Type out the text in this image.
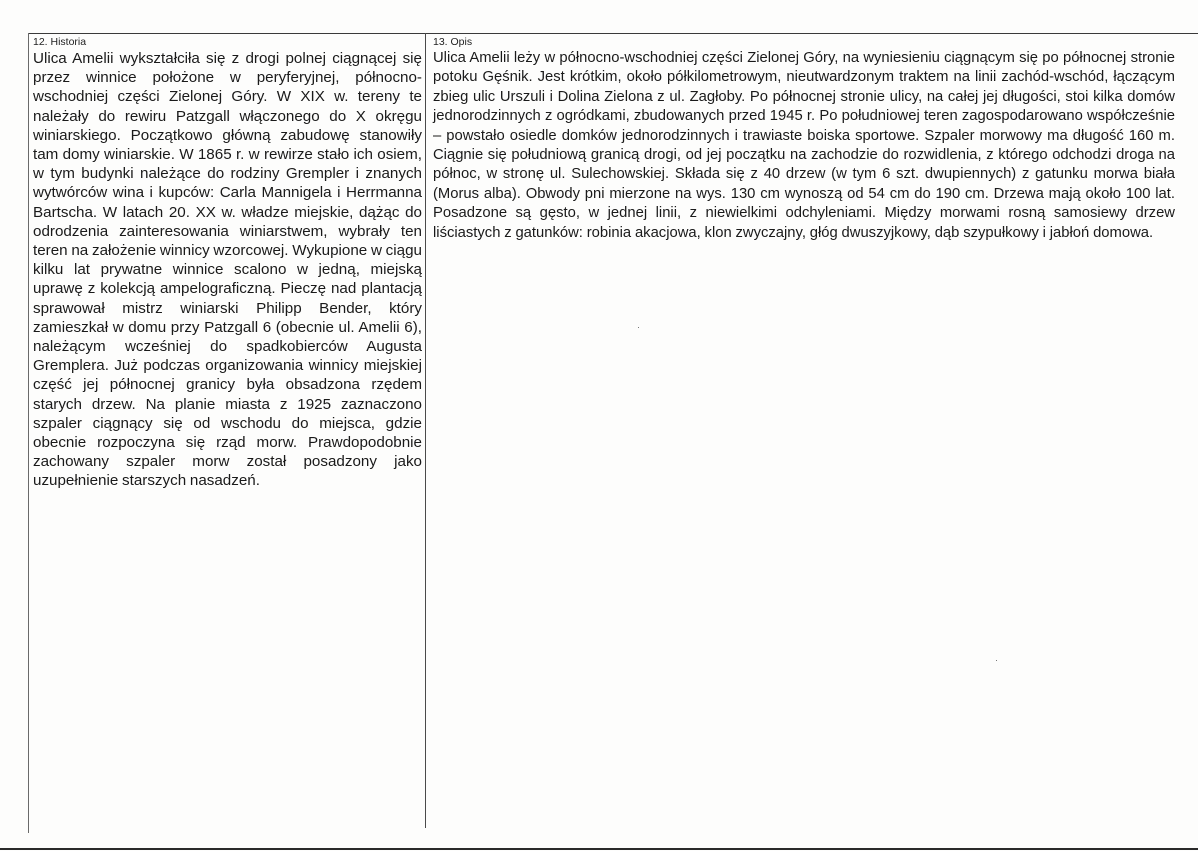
12. Historia

Ulica Amelii wykształciła się z drogi polnej ciągnącej się przez winnice położone w peryferyjnej, północno-wschodniej części Zielonej Góry. W XIX w. tereny te należały do rewiru Patzgall włączonego do X okręgu winiarskiego. Początkowo główną zabudowę stanowiły tam domy winiarskie. W 1865 r. w rewirze stało ich osiem, w tym budynki należące do rodziny Grempler i znanych wytwórców wina i kupców: Carla Mannigela i Herrmanna Bartscha. W latach 20. XX w. władze miejskie, dążąc do odrodzenia zainteresowania winiarstwem, wybrały ten teren na założenie winnicy wzorcowej. Wykupione w ciągu kilku lat prywatne winnice scalono w jedną, miejską uprawę z kolekcją ampelograficzną. Pieczę nad plantacją sprawował mistrz winiarski Philipp Bender, który zamieszkał w domu przy Patzgall 6 (obecnie ul. Amelii 6), należącym wcześniej do spadkobierców Augusta Gremplera. Już podczas organizowania winnicy miejskiej część jej północnej granicy była obsadzona rzędem starych drzew. Na planie miasta z 1925 zaznaczono szpaler ciągnący się od wschodu do miejsca, gdzie obecnie rozpoczyna się rząd morw. Prawdopodobnie zachowany szpaler morw został posadzony jako uzupełnienie starszych nasadzeń.

13. Opis

Ulica Amelii leży w północno-wschodniej części Zielonej Góry, na wyniesieniu ciągnącym się po północnej stronie potoku Gęśnik. Jest krótkim, około półkilometrowym, nieutwardzonym traktem na linii zachód-wschód, łączącym zbieg ulic Urszuli i Dolina Zielona z ul. Zagłoby. Po północnej stronie ulicy, na całej jej długości, stoi kilka domów jednorodzinnych z ogródkami, zbudowanych przed 1945 r. Po południowej teren zagospodarowano współcześnie – powstało osiedle domków jednorodzinnych i trawiaste boiska sportowe. Szpaler morwowy ma długość 160 m. Ciągnie się południową granicą drogi, od jej początku na zachodzie do rozwidlenia, z którego odchodzi droga na północ, w stronę ul. Sulechowskiej. Składa się z 40 drzew (w tym 6 szt. dwupiennych) z gatunku morwa biała (Morus alba). Obwody pni mierzone na wys. 130 cm wynoszą od 54 cm do 190 cm. Drzewa mają około 100 lat. Posadzone są gęsto, w jednej linii, z niewielkimi odchyleniami. Między morwami rosną samosiewy drzew liściastych z gatunków: robinia akacjowa, klon zwyczajny, głóg dwuszyjkowy, dąb szypułkowy i jabłoń domowa.
